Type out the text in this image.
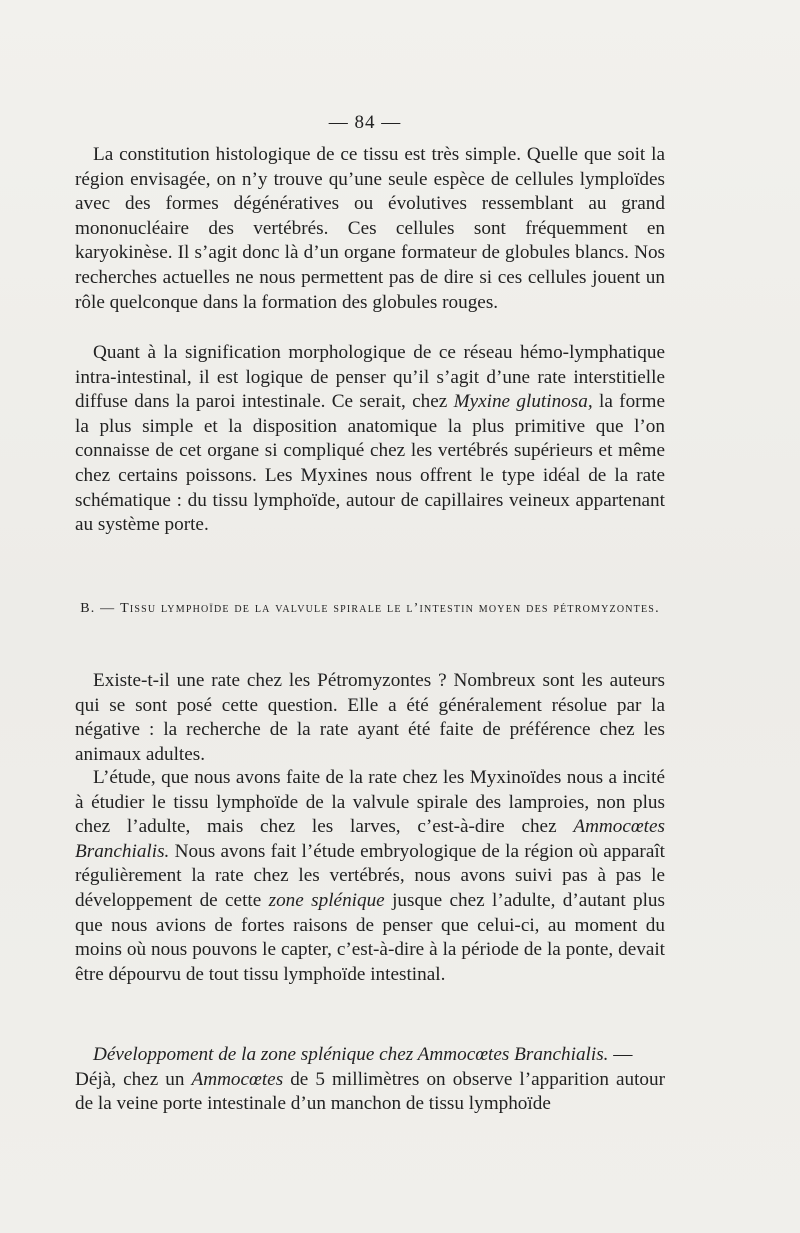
— 84 —

La constitution histologique de ce tissu est très simple. Quelle que soit la région envisagée, on n’y trouve qu’une seule espèce de cellules lymploïdes avec des formes dégénératives ou évolutives ressemblant au grand mononucléaire des vertébrés. Ces cellules sont fréquemment en karyokinèse. Il s’agit donc là d’un organe formateur de globules blancs. Nos recherches actuelles ne nous permettent pas de dire si ces cellules jouent un rôle quelconque dans la formation des globules rouges.

Quant à la signification morphologique de ce réseau hémo-lymphatique intra-intestinal, il est logique de penser qu’il s’agit d’une rate interstitielle diffuse dans la paroi intestinale. Ce serait, chez Myxine glutinosa, la forme la plus simple et la disposition anatomique la plus primitive que l’on connaisse de cet organe si compliqué chez les vertébrés supérieurs et même chez certains poissons. Les Myxines nous offrent le type idéal de la rate schématique : du tissu lymphoïde, autour de capillaires veineux appartenant au système porte.

B. — Tissu lymphoïde de la valvule spirale le l’intestin moyen des pétromyzontes.

Existe-t-il une rate chez les Pétromyzontes ? Nombreux sont les auteurs qui se sont posé cette question. Elle a été généralement résolue par la négative : la recherche de la rate ayant été faite de préférence chez les animaux adultes.

L’étude, que nous avons faite de la rate chez les Myxinoïdes nous a incité à étudier le tissu lymphoïde de la valvule spirale des lamproies, non plus chez l’adulte, mais chez les larves, c’est-à-dire chez Ammocœtes Branchialis. Nous avons fait l’étude embryologique de la région où apparaît régulièrement la rate chez les vertébrés, nous avons suivi pas à pas le développement de cette zone splénique jusque chez l’adulte, d’autant plus que nous avions de fortes raisons de penser que celui-ci, au moment du moins où nous pouvons le capter, c’est-à-dire à la période de la ponte, devait être dépourvu de tout tissu lymphoïde intestinal.

Développoment de la zone splénique chez Ammocœtes Branchialis. —

Déjà, chez un Ammocœtes de 5 millimètres on observe l’apparition autour de la veine porte intestinale d’un manchon de tissu lymphoïde
